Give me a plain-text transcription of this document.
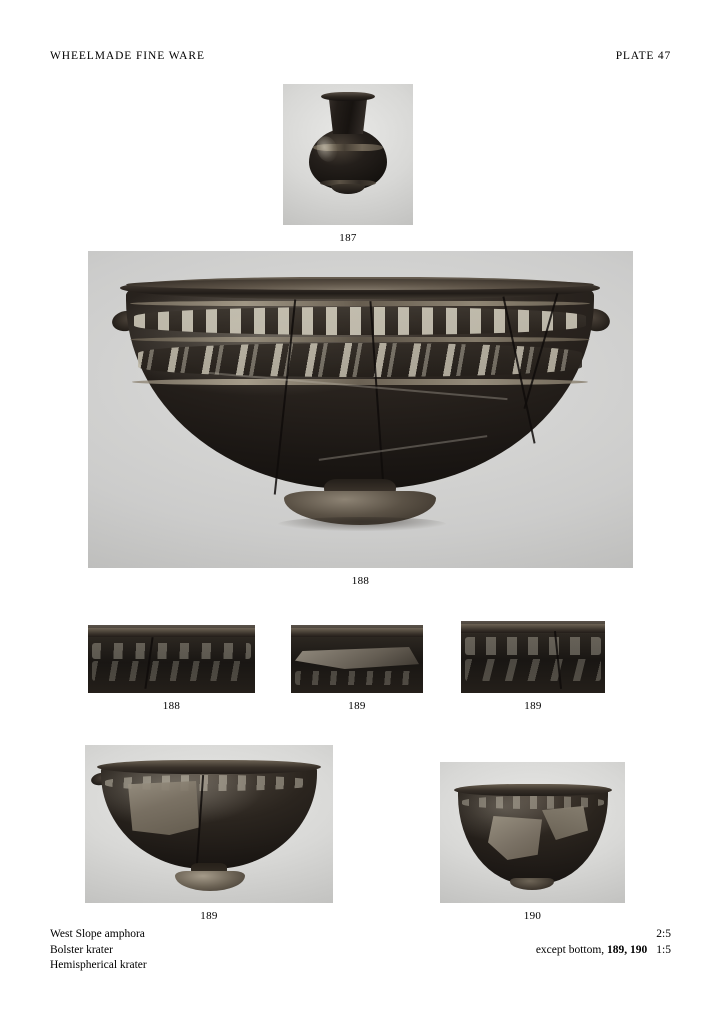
WHEELMADE FINE WARE	PLATE 47
187
188
188	189	189
189	190
West Slope amphora
Bolster krater
Hemispherical krater
2:5
except bottom, 189, 190 1:5
